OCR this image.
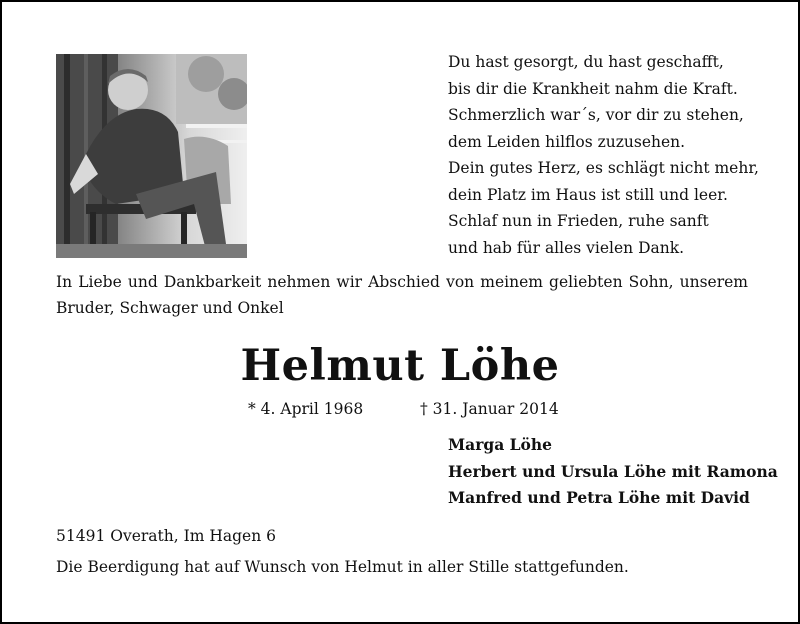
Du hast gesorgt, du hast geschafft,
bis dir die Krankheit nahm die Kraft.
Schmerzlich war´s, vor dir zu stehen,
dem Leiden hilflos zuzusehen.
Dein gutes Herz, es schlägt nicht mehr,
dein Platz im Haus ist still und leer.
Schlaf nun in Frieden, ruhe sanft
und hab für alles vielen Dank.
In Liebe und Dankbarkeit nehmen wir Abschied von meinem geliebten Sohn, unserem Bruder, Schwager und Onkel
Helmut Löhe
* 4. April 1968	† 31. Januar 2014
Marga Löhe
Herbert und Ursula Löhe mit Ramona
Manfred und Petra Löhe mit David
51491 Overath, Im Hagen 6
Die Beerdigung hat auf Wunsch von Helmut in aller Stille stattgefunden.
